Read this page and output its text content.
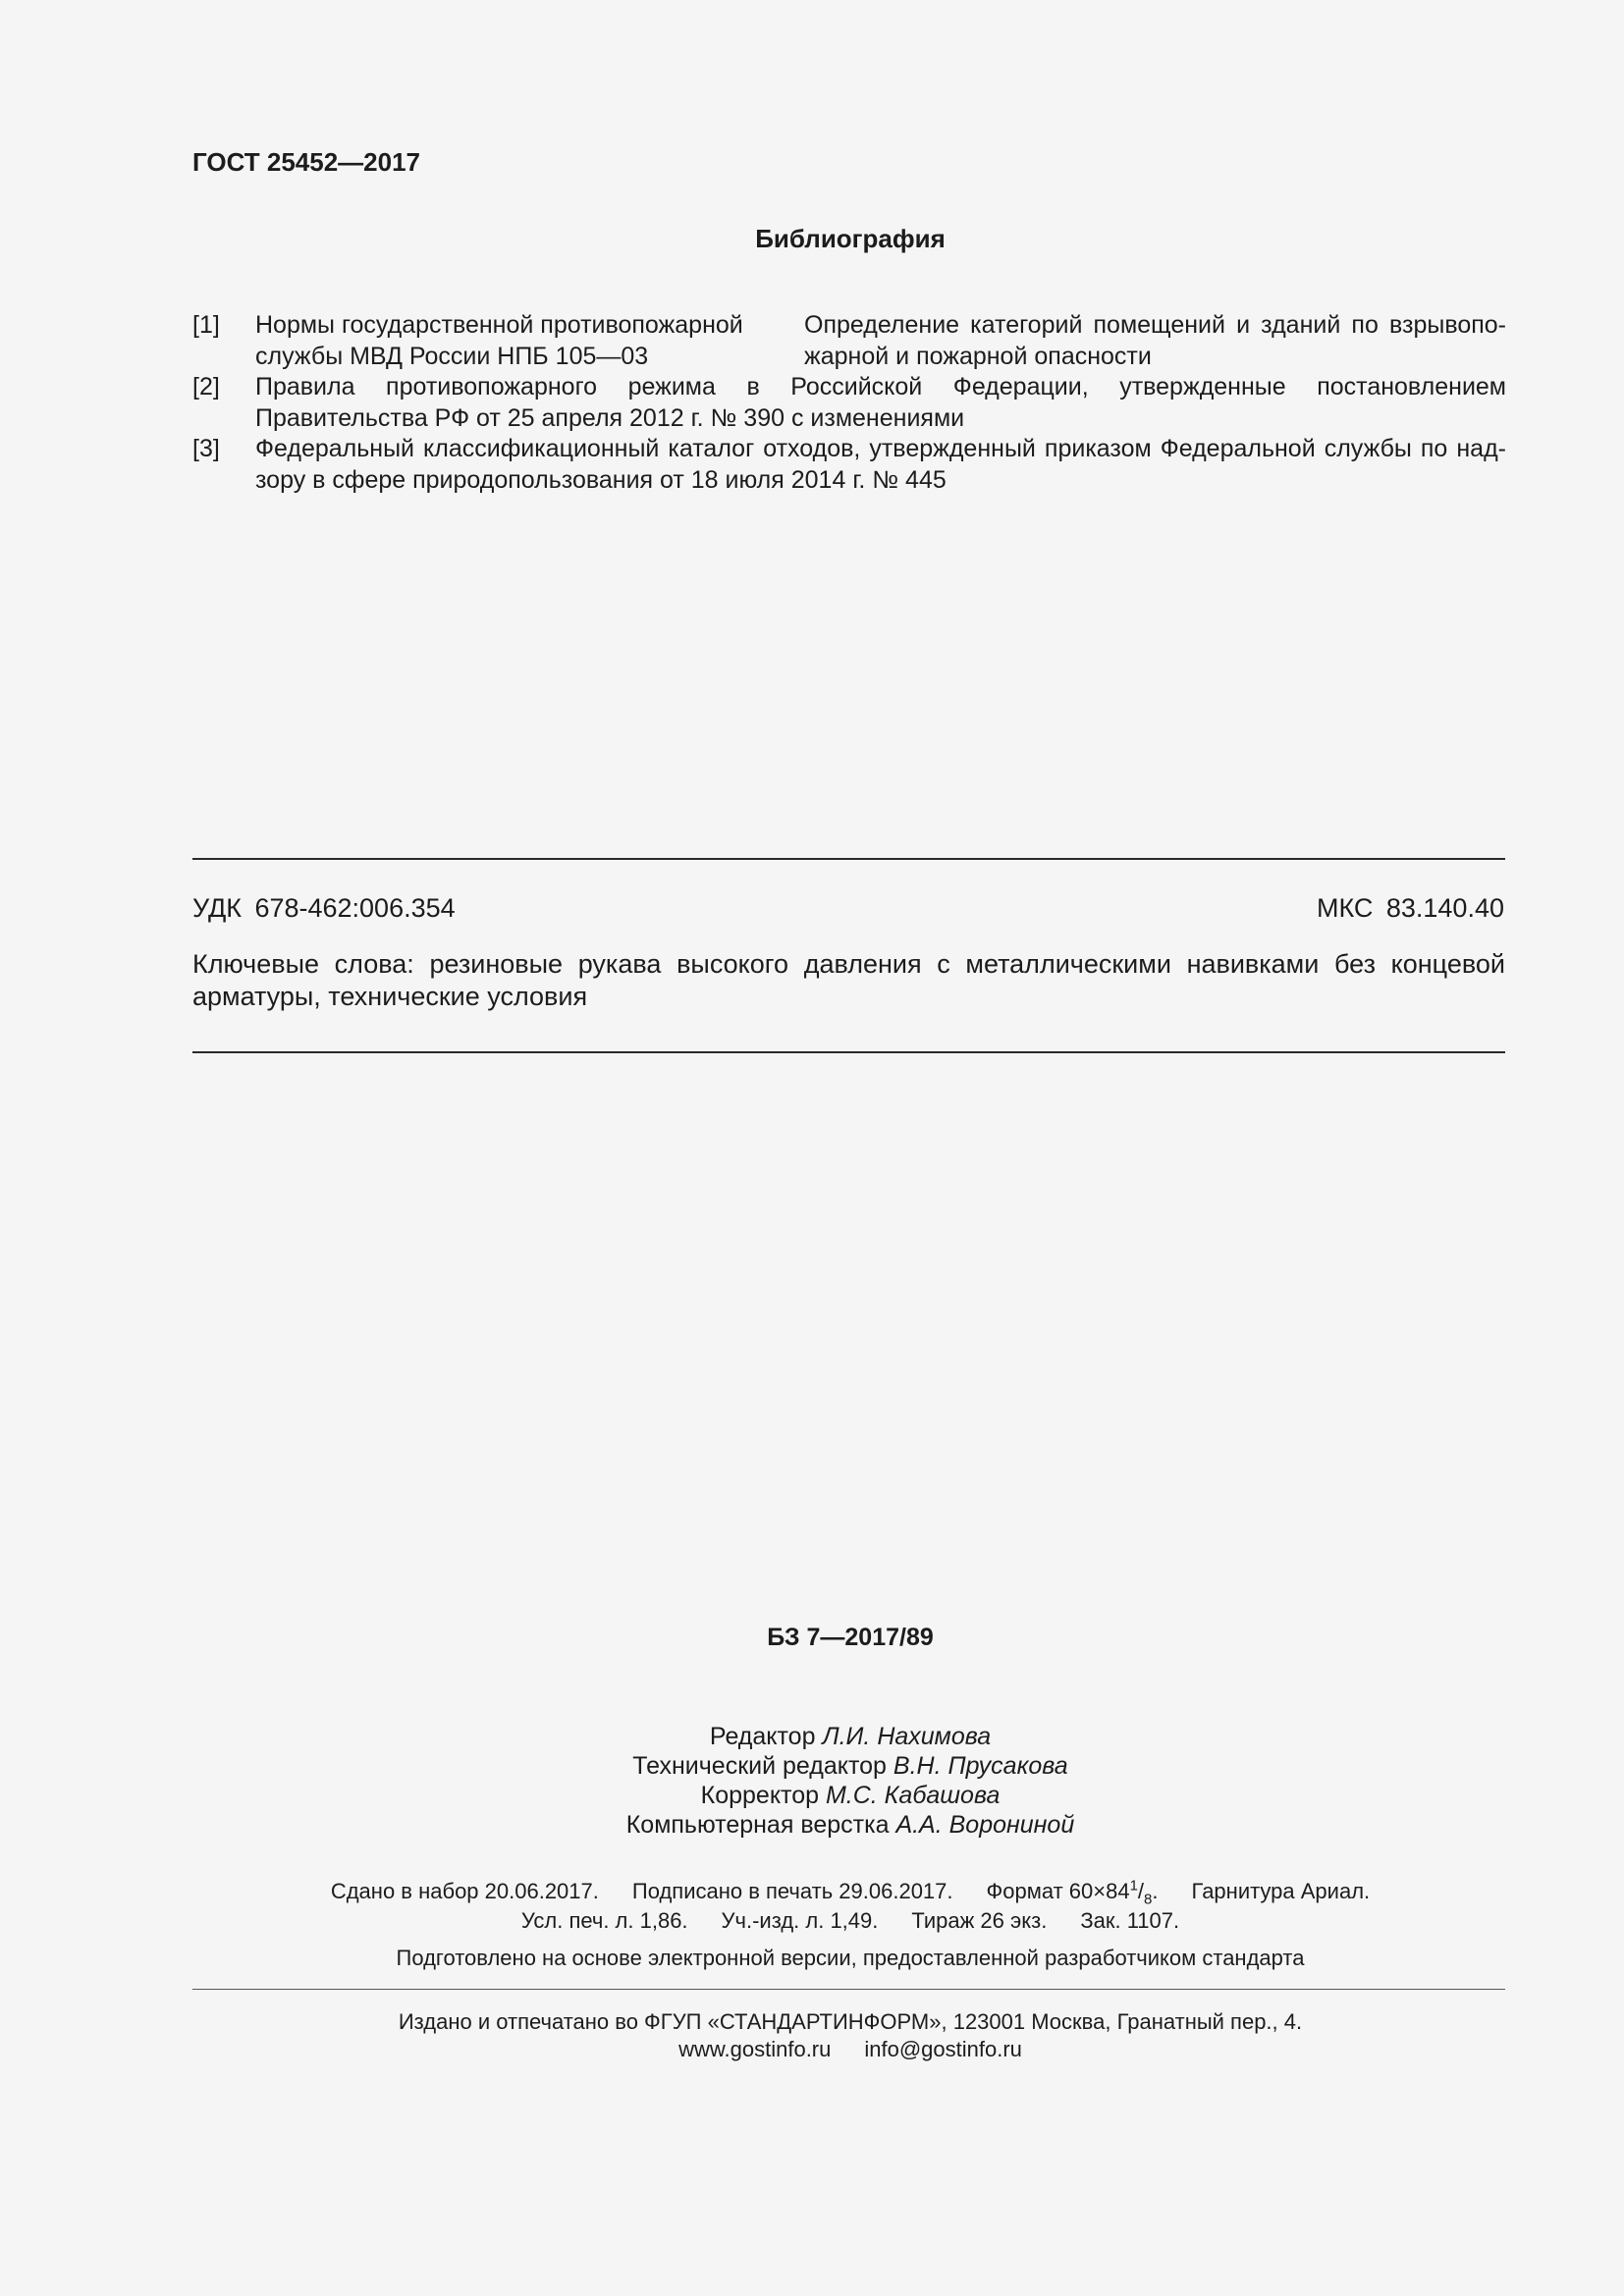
ГОСТ 25452—2017
Библиография
[1] Нормы государственной противопожарной
службы МВД России НПБ 105—03
Определение категорий помещений и зданий по взрывопо-
жарной и пожарной опасности
[2] Правила противопожарного режима в Российской Федерации, утвержденные постановлением Правительства РФ от 25 апреля 2012 г. № 390 с изменениями
[3] Федеральный классификационный каталог отходов, утвержденный приказом Федеральной службы по над-зору в сфере природопользования от 18 июля 2014 г. № 445
УДК 678-462:006.354	МКС 83.140.40
Ключевые слова: резиновые рукава высокого давления с металлическими навивками без концевой арматуры, технические условия
БЗ 7—2017/89
Редактор Л.И. Нахимова
Технический редактор В.Н. Прусакова
Корректор М.С. Кабашова
Компьютерная верстка А.А. Ворониной
Сдано в набор 20.06.2017. Подписано в печать 29.06.2017. Формат $60\times 84^1/_8$. Гарнитура Ариал.
Усл. печ. л. 1,86. Уч.-изд. л. 1,49. Тираж 26 экз. Зак. 1107.
Подготовлено на основе электронной версии, предоставленной разработчиком стандарта
Издано и отпечатано во ФГУП «СТАНДАРТИНФОРМ», 123001 Москва, Гранатный пер., 4.
www.gostinfo.ru info@gostinfo.ru
